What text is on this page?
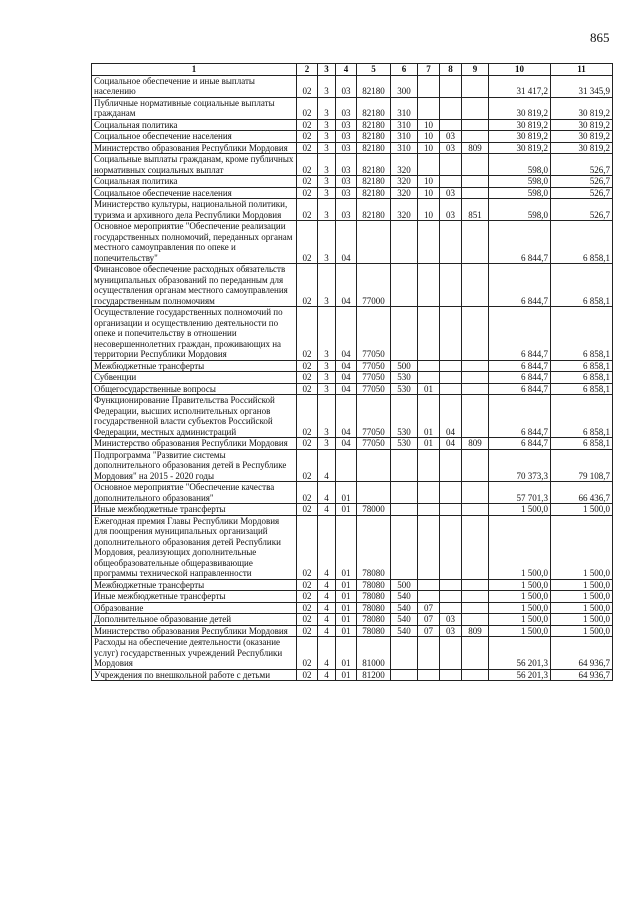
865
1	2	3	4	5	6	7	8	9	10	11
Социальное обеспечение и иные выплаты населению	02	3	03	82180	300				31 417,2	31 345,9
Публичные нормативные социальные выплаты гражданам	02	3	03	82180	310				30 819,2	30 819,2
Социальная политика	02	3	03	82180	310	10			30 819,2	30 819,2
Социальное обеспечение населения	02	3	03	82180	310	10	03		30 819,2	30 819,2
Министерство образования Республики Мордовия	02	3	03	82180	310	10	03	809	30 819,2	30 819,2
Социальные выплаты гражданам, кроме публичных нормативных социальных выплат	02	3	03	82180	320				598,0	526,7
Социальная политика	02	3	03	82180	320	10			598,0	526,7
Социальное обеспечение населения	02	3	03	82180	320	10	03		598,0	526,7
Министерство культуры, национальной политики, туризма и архивного дела Республики Мордовия	02	3	03	82180	320	10	03	851	598,0	526,7
Основное мероприятие "Обеспечение реализации государственных полномочий, переданных органам местного самоуправления по опеке и попечительству"	02	3	04						6 844,7	6 858,1
Финансовое обеспечение расходных обязательств муниципальных образований по переданным для осуществления органам местного самоуправления государственным полномочиям	02	3	04	77000					6 844,7	6 858,1
Осуществление государственных полномочий по организации и осуществлению деятельности по опеке и попечительству в отношении несовершеннолетних граждан, проживающих на территории Республики Мордовия	02	3	04	77050					6 844,7	6 858,1
Межбюджетные трансферты	02	3	04	77050	500				6 844,7	6 858,1
Субвенции	02	3	04	77050	530				6 844,7	6 858,1
Общегосударственные вопросы	02	3	04	77050	530	01			6 844,7	6 858,1
Функционирование Правительства Российской Федерации, высших исполнительных органов государственной власти субъектов Российской Федерации, местных администраций	02	3	04	77050	530	01	04		6 844,7	6 858,1
Министерство образования Республики Мордовия	02	3	04	77050	530	01	04	809	6 844,7	6 858,1
Подпрограмма "Развитие системы дополнительного образования детей в Республике Мордовия" на 2015 - 2020 годы	02	4							70 373,3	79 108,7
Основное мероприятие "Обеспечение качества дополнительного образования"	02	4	01						57 701,3	66 436,7
Иные межбюджетные трансферты	02	4	01	78000					1 500,0	1 500,0
Ежегодная премия Главы Республики Мордовия для поощрения муниципальных организаций дополнительного образования детей Республики Мордовия, реализующих дополнительные общеобразовательные общеразвивающие программы технической направленности	02	4	01	78080					1 500,0	1 500,0
Межбюджетные трансферты	02	4	01	78080	500				1 500,0	1 500,0
Иные межбюджетные трансферты	02	4	01	78080	540				1 500,0	1 500,0
Образование	02	4	01	78080	540	07			1 500,0	1 500,0
Дополнительное образование детей	02	4	01	78080	540	07	03		1 500,0	1 500,0
Министерство образования Республики Мордовия	02	4	01	78080	540	07	03	809	1 500,0	1 500,0
Расходы на обеспечение деятельности (оказание услуг) государственных учреждений Республики Мордовия	02	4	01	81000					56 201,3	64 936,7
Учреждения по внешкольной работе с детьми	02	4	01	81200					56 201,3	64 936,7
